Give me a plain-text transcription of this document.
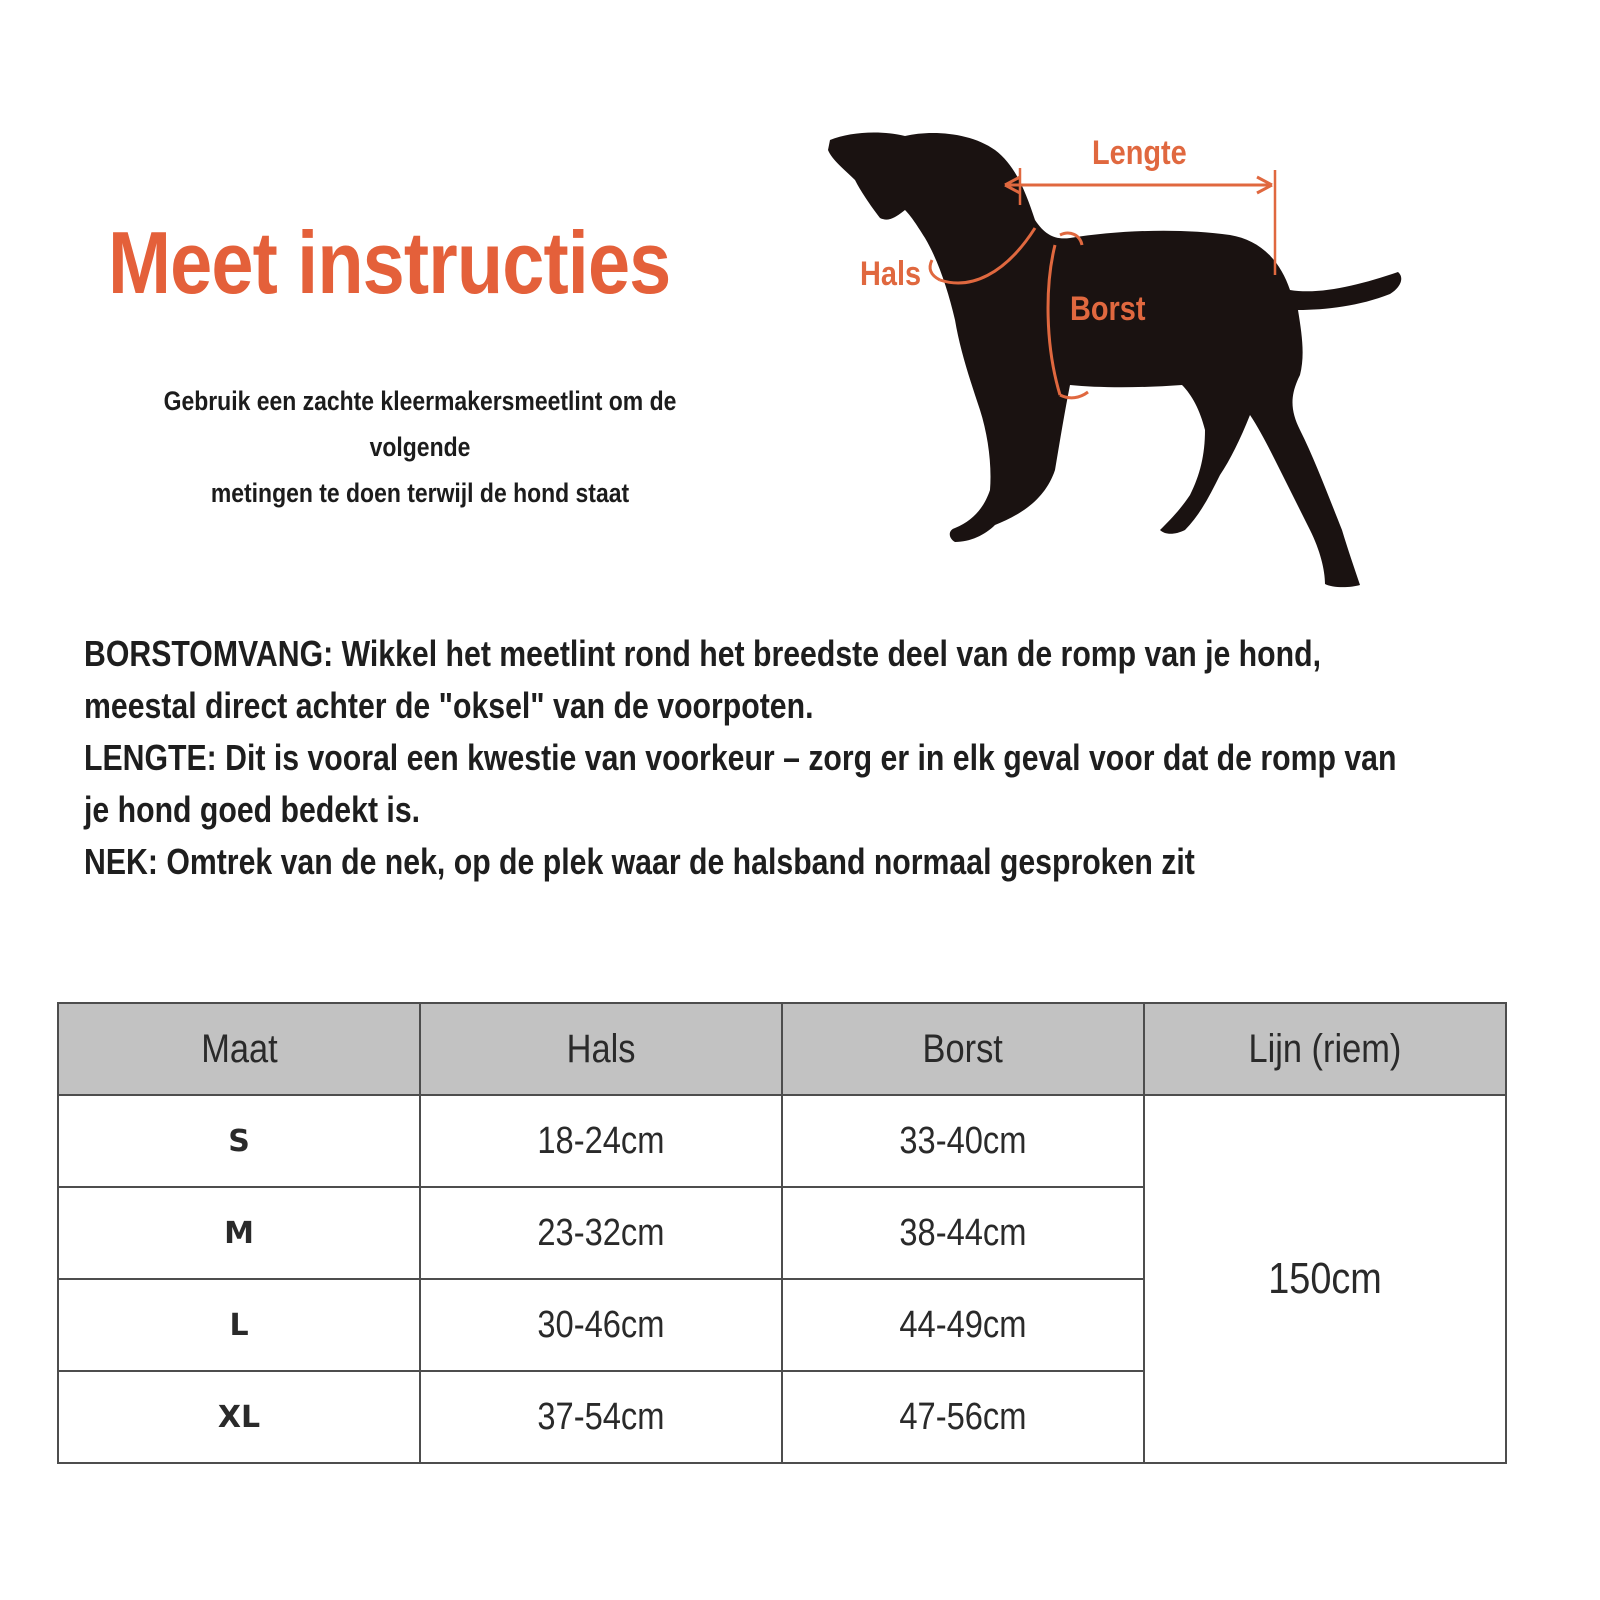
Meet instructies
Gebruik een zachte kleermakersmeetlint om de volgende
metingen te doen terwijl de hond staat
Lengte
Hals
Borst

BORSTOMVANG: Wikkel het meetlint rond het breedste deel van de romp van je hond,

meestal direct achter de "oksel" van de voorpoten.

LENGTE: Dit is vooral een kwestie van voorkeur – zorg er in elk geval voor dat de romp van

je hond goed bedekt is.

NEK: Omtrek van de nek, op de plek waar de halsband normaal gesproken zit

Maat	Hals	Borst	Lijn (riem)
S	18-24cm	33-40cm	150cm
M	23-32cm	38-44cm	
L	30-46cm	44-49cm	
XL	37-54cm	47-56cm	
